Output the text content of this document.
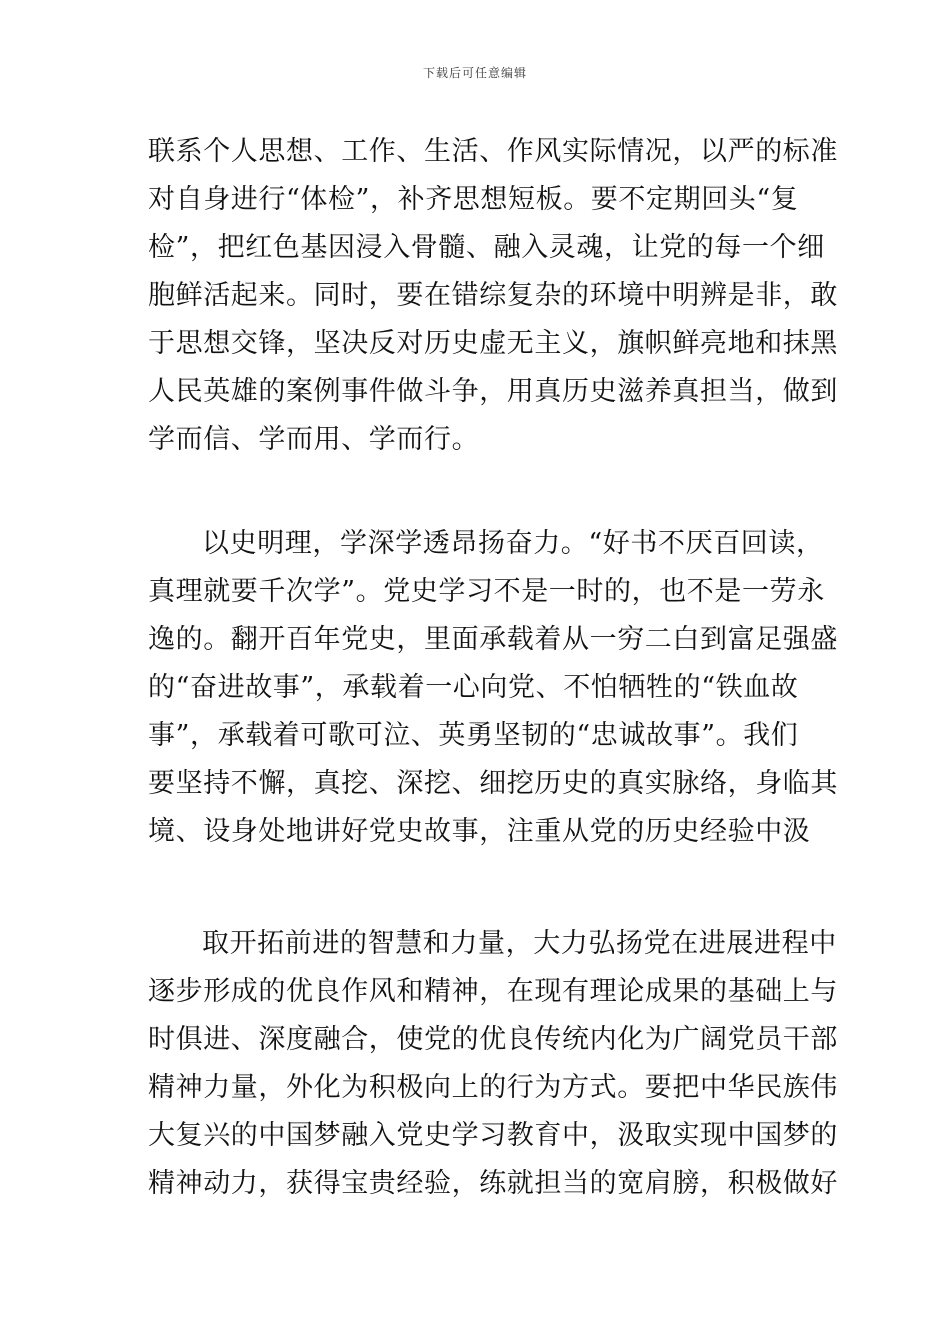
下载后可任意编辑
联系个人思想、工作、生活、作风实际情况，以严的标准
对自身进行“体检”，补齐思想短板。要不定期回头“复
检”，把红色基因浸入骨髓、融入灵魂，让党的每一个细
胞鲜活起来。同时，要在错综复杂的环境中明辨是非，敢
于思想交锋，坚决反对历史虚无主义，旗帜鲜亮地和抹黑
人民英雄的案例事件做斗争，用真历史滋养真担当，做到
学而信、学而用、学而行。
以史明理，学深学透昂扬奋力。“好书不厌百回读，
真理就要千次学”。党史学习不是一时的，也不是一劳永
逸的。翻开百年党史，里面承载着从一穷二白到富足强盛
的“奋进故事”，承载着一心向党、不怕牺牲的“铁血故
事”，承载着可歌可泣、英勇坚韧的“忠诚故事”。我们
要坚持不懈，真挖、深挖、细挖历史的真实脉络，身临其
境、设身处地讲好党史故事，注重从党的历史经验中汲
取开拓前进的智慧和力量，大力弘扬党在进展进程中
逐步形成的优良作风和精神，在现有理论成果的基础上与
时俱进、深度融合，使党的优良传统内化为广阔党员干部
精神力量，外化为积极向上的行为方式。要把中华民族伟
大复兴的中国梦融入党史学习教育中，汲取实现中国梦的
精神动力，获得宝贵经验，练就担当的宽肩膀，积极做好
